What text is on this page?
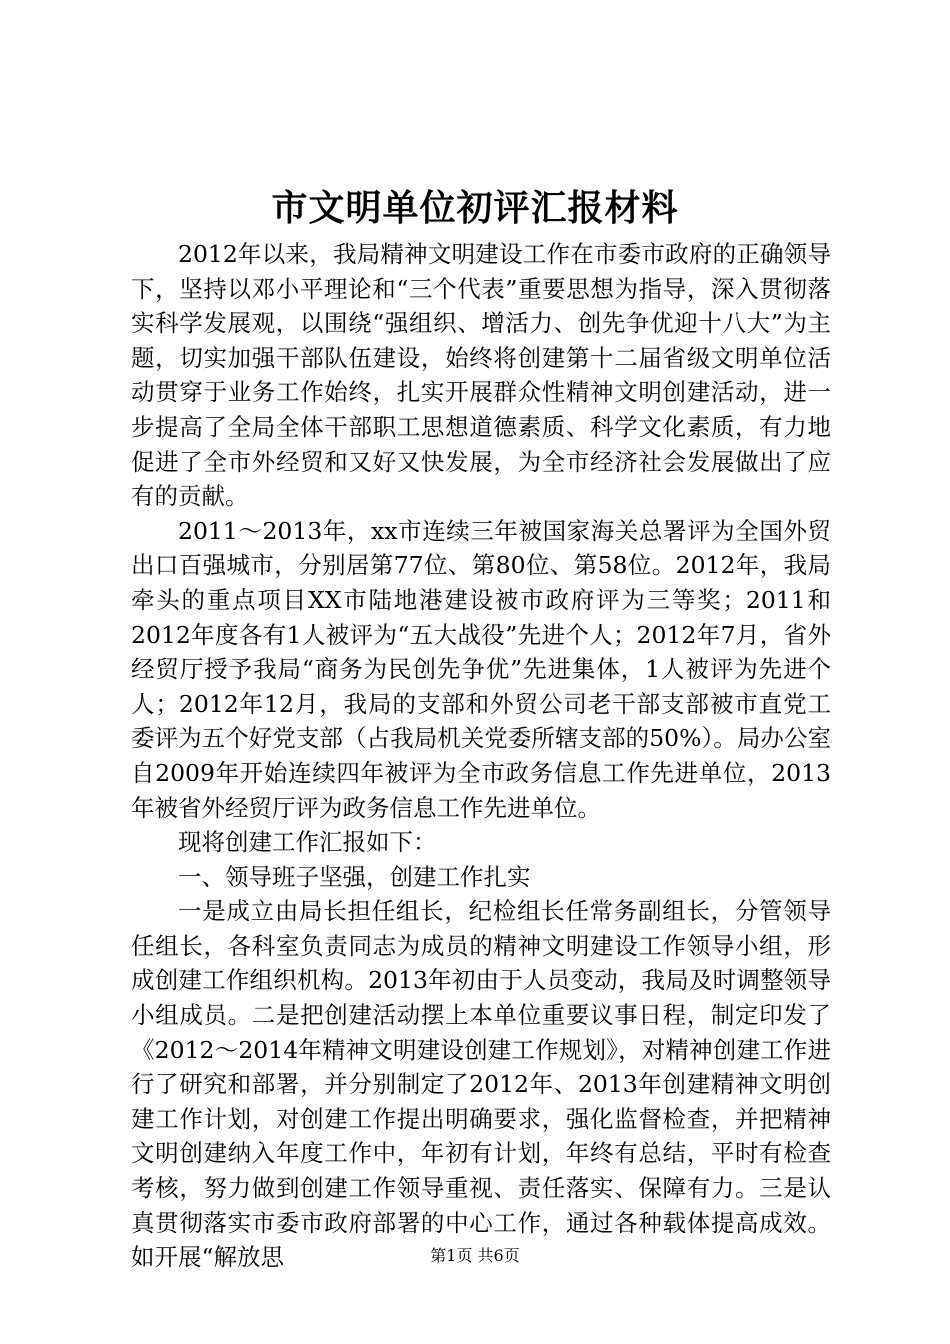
市文明单位初评汇报材料

2012年以来，我局精神文明建设工作在市委市政府的正确领导下，坚持以邓小平理论和“三个代表”重要思想为指导，深入贯彻落实科学发展观，以围绕“强组织、增活力、创先争优迎十八大”为主题，切实加强干部队伍建设，始终将创建第十二届省级文明单位活动贯穿于业务工作始终，扎实开展群众性精神文明创建活动，进一步提高了全局全体干部职工思想道德素质、科学文化素质，有力地促进了全市外经贸和又好又快发展，为全市经济社会发展做出了应有的贡献。

2011～2013年，xx市连续三年被国家海关总署评为全国外贸出口百强城市，分别居第77位、第80位、第58位。2012年，我局牵头的重点项目XX市陆地港建设被市政府评为三等奖；2011和2012年度各有1人被评为“五大战役”先进个人；2012年7月，省外经贸厅授予我局“商务为民创先争优”先进集体，1人被评为先进个人；2012年12月，我局的支部和外贸公司老干部支部被市直党工委评为五个好党支部（占我局机关党委所辖支部的50%）。局办公室自2009年开始连续四年被评为全市政务信息工作先进单位，2013年被省外经贸厅评为政务信息工作先进单位。

现将创建工作汇报如下：

一、领导班子坚强，创建工作扎实

一是成立由局长担任组长，纪检组长任常务副组长，分管领导任组长，各科室负责同志为成员的精神文明建设工作领导小组，形成创建工作组织机构。2013年初由于人员变动，我局及时调整领导小组成员。二是把创建活动摆上本单位重要议事日程，制定印发了《2012～2014年精神文明建设创建工作规划》，对精神创建工作进行了研究和部署，并分别制定了2012年、2013年创建精神文明创建工作计划，对创建工作提出明确要求，强化监督检查，并把精神文明创建纳入年度工作中，年初有计划，年终有总结，平时有检查考核，努力做到创建工作领导重视、责任落实、保障有力。三是认真贯彻落实市委市政府部署的中心工作，通过各种载体提高成效。如开展“解放思	第1页 共6页
